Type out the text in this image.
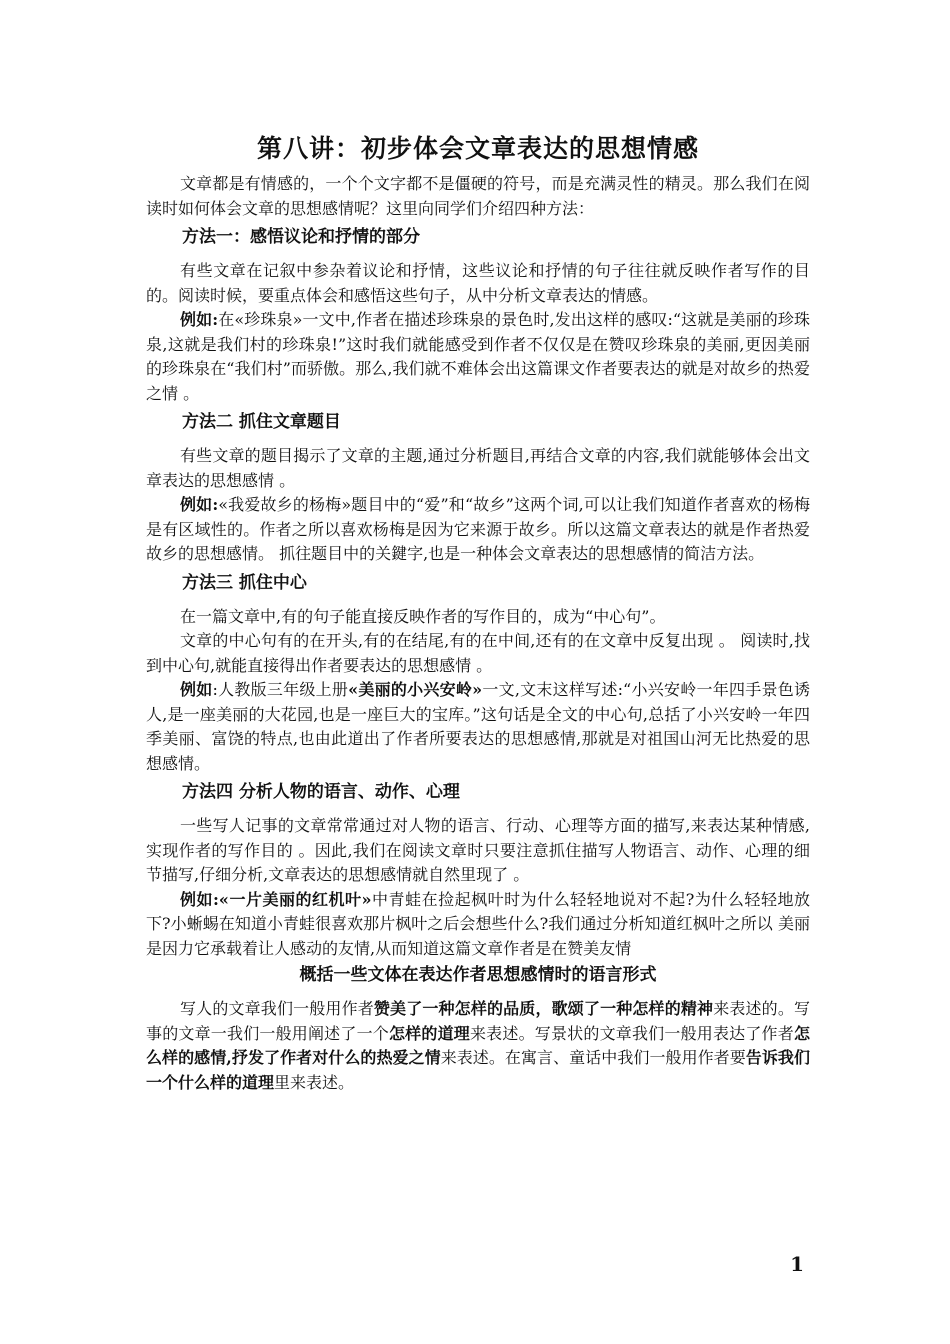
第八讲：初步体会文章表达的思想情感

文章都是有情感的，一个个文字都不是僵硬的符号，而是充满灵性的精灵。那么我们在阅读时如何体会文章的思想感情呢？这里向同学们介绍四种方法：

方法一：感悟议论和抒情的部分

有些文章在记叙中参杂着议论和抒情，这些议论和抒情的句子往往就反映作者写作的目的。阅读时候，要重点体会和感悟这些句子，从中分析文章表达的情感。

例如:在«珍珠泉»一文中,作者在描述珍珠泉的景色时,发出这样的感叹:“这就是美丽的珍珠泉,这就是我们村的珍珠泉!”这时我们就能感受到作者不仅仅是在赞叹珍珠泉的美丽,更因美丽的珍珠泉在“我们村”而骄傲。那么,我们就不难体会出这篇课文作者要表达的就是对故乡的热爱之情 。

方法二 抓住文章题目

有些文章的题目揭示了文章的主题,通过分析题目,再结合文章的内容,我们就能够体会出文章表达的思想感情 。

例如:«我爱故乡的杨梅»题目中的“爱”和“故乡”这两个词,可以让我们知道作者喜欢的杨梅是有区域性的。作者之所以喜欢杨梅是因为它来源于故乡。所以这篇文章表达的就是作者热爱故乡的思想感情。 抓往题目中的关鍵字,也是一种体会文章表达的思想感情的简洁方法。

方法三 抓住中心

在一篇文章中,有的句子能直接反映作者的写作目的，成为“中心句”。

文章的中心句有的在开头,有的在结尾,有的在中间,还有的在文章中反复出现 。 阅读时,找到中心句,就能直接得出作者要表达的思想感情 。

例如:人教版三年级上册«美丽的小兴安岭»一文,文末这样写述:“小兴安岭一年四手景色诱人,是一座美丽的大花园,也是一座巨大的宝库。”这句话是全文的中心句,总括了小兴安岭一年四季美丽、富饶的特点,也由此道出了作者所要表达的思想感情,那就是对祖国山河无比热爱的思想感情。

方法四 分析人物的语言、动作、心理

一些写人记事的文章常常通过对人物的语言、行动、心理等方面的描写,来表达某种情感,实现作者的写作目的 。因此,我们在阅读文章时只要注意抓住描写人物语言、动作、心理的细节描写,仔细分析,文章表达的思想感情就自然里现了 。

例如:«一片美丽的红机叶»中青蛙在捡起枫叶时为什么轻轻地说对不起?为什么轻轻地放下?小蜥蜴在知道小青蛙很喜欢那片枫叶之后会想些什么?我们通过分析知道红枫叶之所以 美丽是因力它承载着让人感动的友情,从而知道这篇文章作者是在赞美友情

概括一些文体在表达作者思想感情时的语言形式

写人的文章我们一般用作者赞美了一种怎样的品质，歌颂了一种怎样的精神来表述的。写事的文章一我们一般用阐述了一个怎样的道理来表述。写景状的文章我们一般用表达了作者怎么样的感情,抒发了作者对什么的热爱之情来表述。在寓言、童话中我们一般用作者要告诉我们一个什么样的道理里来表述。

1
